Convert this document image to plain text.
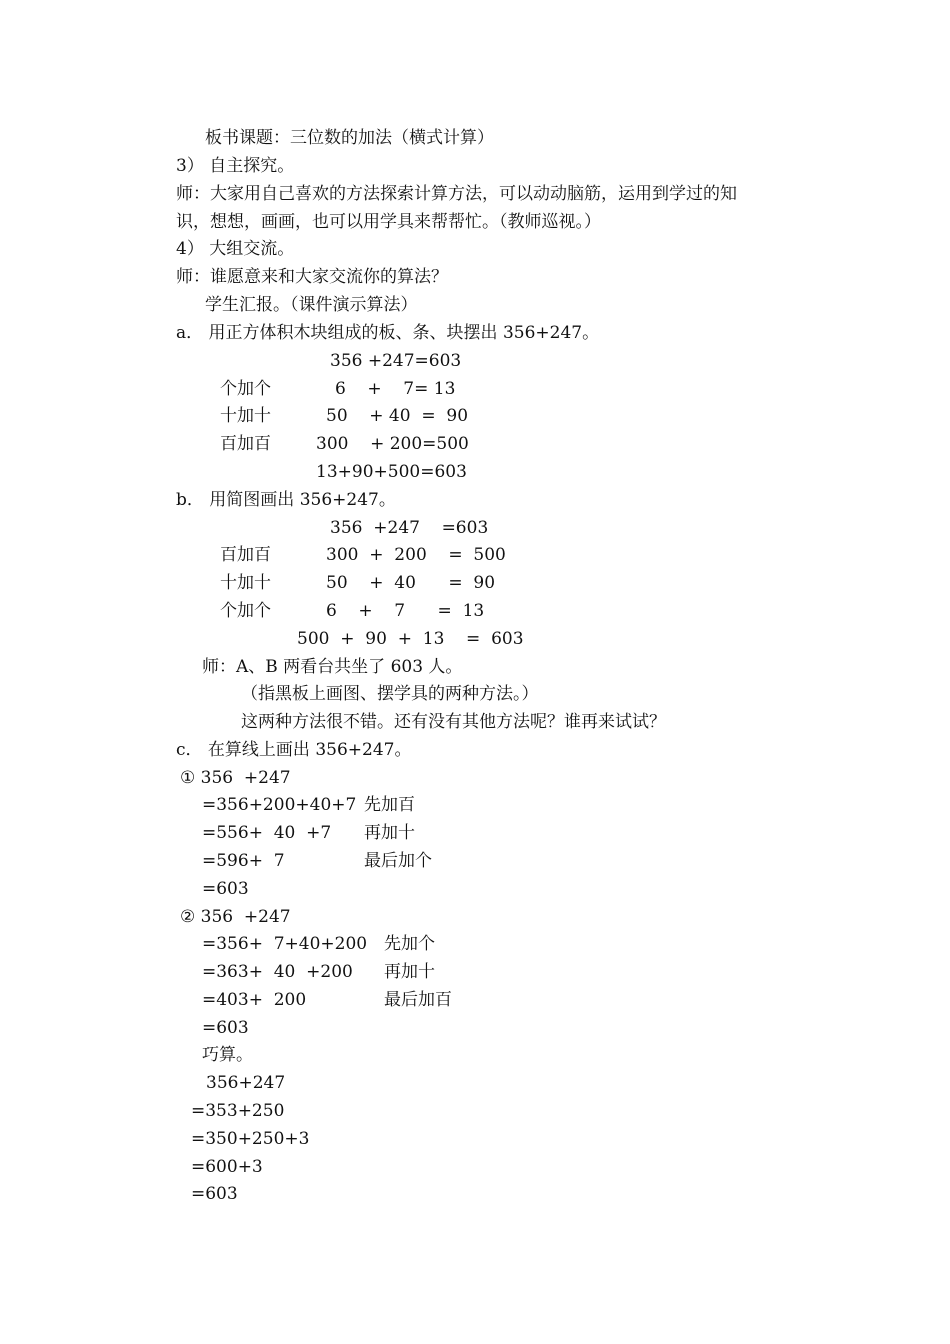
板书课题：三位数的加法（横式计算）
3） 自主探究。
师：大家用自己喜欢的方法探索计算方法，可以动动脑筋，运用到学过的知
识，想想，画画，也可以用学具来帮帮忙。（教师巡视。）
4） 大组交流。
师：谁愿意来和大家交流你的算法？
学生汇报。（课件演示算法）
a． 用正方体积木块组成的板、条、块摆出 356+247。
356 +247=603
个加个	6    +    7= 13
十加十	50    + 40  =  90
百加百	300    + 200=500
13+90+500=603
b． 用简图画出 356+247。
356  +247    =603
百加百	300  +  200    =  500
十加十	50    +  40      =  90
个加个	6    +    7      =  13
500  +  90  +  13    =  603
师：A、B 两看台共坐了 603 人。
（指黑板上画图、摆学具的两种方法。）
这两种方法很不错。还有没有其他方法呢？谁再来试试？
c． 在算线上画出 356+247。
① 356  +247
=356+200+40+7 先加百
=556+  40  +7 再加十
=596+  7	最后加个
=603
② 356  +247
=356+  7+40+200 先加个
=363+  40  +200 再加十
=403+  200	最后加百
=603
巧算。
356+247
=353+250
=350+250+3
=600+3
=603
